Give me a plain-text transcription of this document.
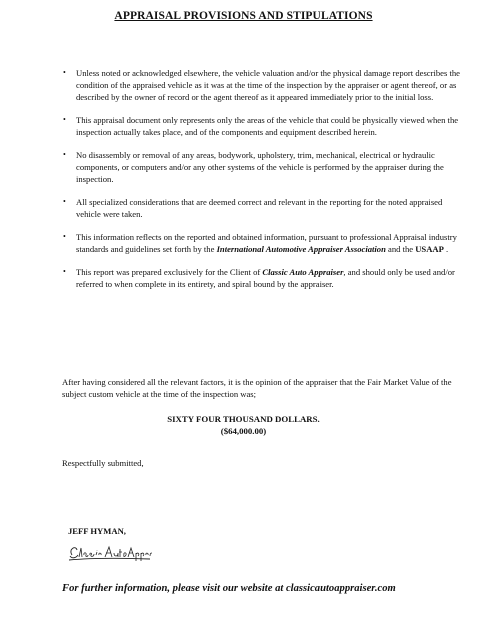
APPRAISAL PROVISIONS AND STIPULATIONS
• Unless noted or acknowledged elsewhere, the vehicle valuation and/or the physical damage report describes the condition of the appraised vehicle as it was at the time of the inspection by the appraiser or agent thereof, or as described by the owner of record or the agent thereof as it appeared immediately prior to the initial loss.
• This appraisal document only represents only the areas of the vehicle that could be physically viewed when the inspection actually takes place, and of the components and equipment described herein.
• No disassembly or removal of any areas, bodywork, upholstery, trim, mechanical, electrical or hydraulic components, or computers and/or any other systems of the vehicle is performed by the appraiser during the inspection.
• All specialized considerations that are deemed correct and relevant in the reporting for the noted appraised vehicle were taken.
• This information reflects on the reported and obtained information, pursuant to professional Appraisal industry standards and guidelines set forth by the International Automotive Appraiser Association and the USAAP .
• This report was prepared exclusively for the Client of Classic Auto Appraiser, and should only be used and/or referred to when complete in its entirety, and spiral bound by the appraiser.
After having considered all the relevant factors, it is the opinion of the appraiser that the Fair Market Value of the subject custom vehicle at the time of the inspection was;
SIXTY FOUR THOUSAND DOLLARS.
($64,000.00)
Respectfully submitted,
JEFF HYMAN,
For further information, please visit our website at classicautoappraiser.com
